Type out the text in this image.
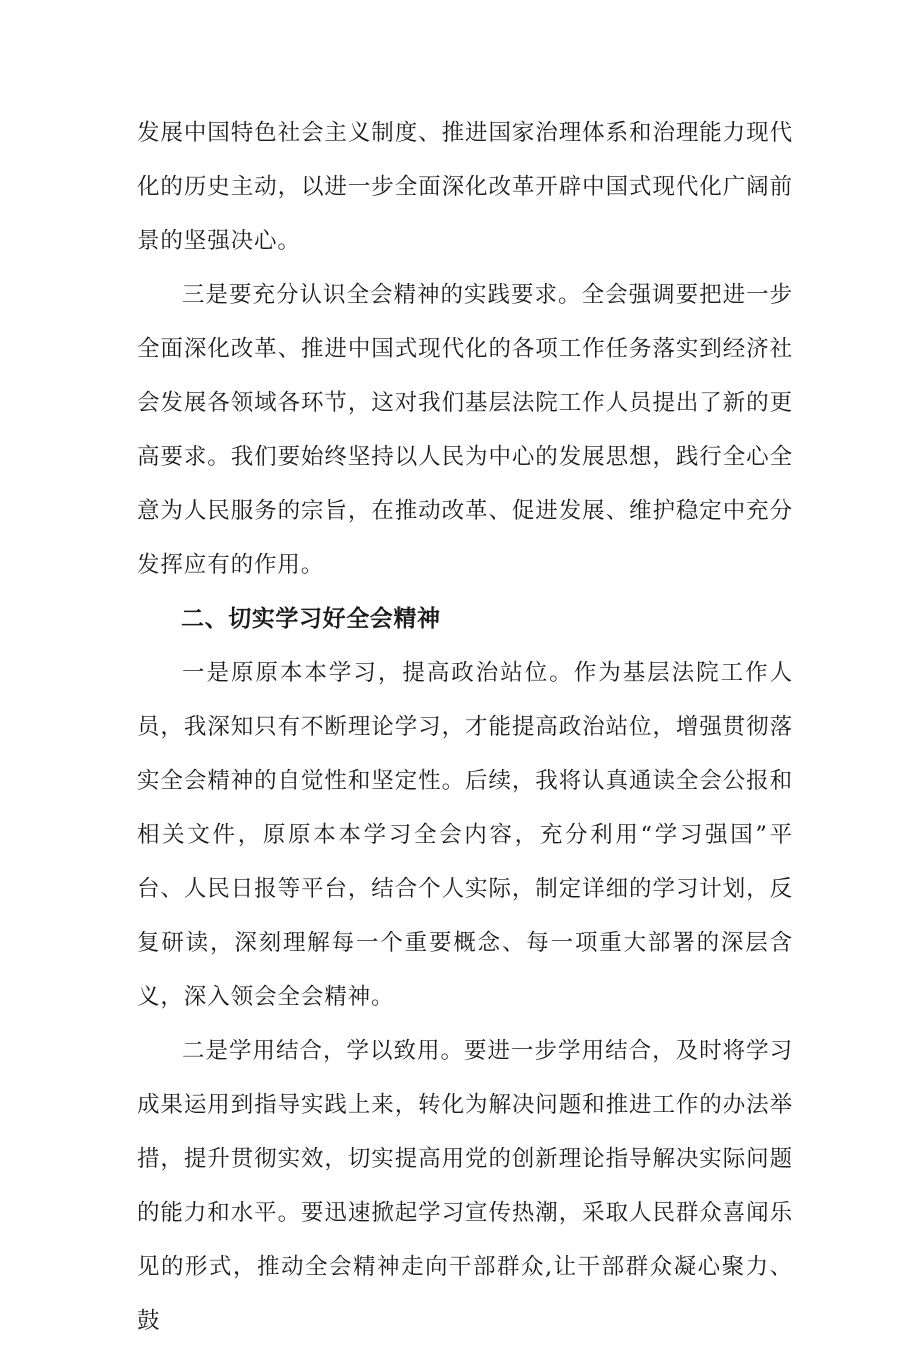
发展中国特色社会主义制度、推进国家治理体系和治理能力现代化的历史主动，以进一步全面深化改革开辟中国式现代化广阔前景的坚强决心。

三是要充分认识全会精神的实践要求。全会强调要把进一步全面深化改革、推进中国式现代化的各项工作任务落实到经济社会发展各领域各环节，这对我们基层法院工作人员提出了新的更高要求。我们要始终坚持以人民为中心的发展思想，践行全心全意为人民服务的宗旨，在推动改革、促进发展、维护稳定中充分发挥应有的作用。

二、切实学习好全会精神

一是原原本本学习，提高政治站位。作为基层法院工作人员，我深知只有不断理论学习，才能提高政治站位，增强贯彻落实全会精神的自觉性和坚定性。后续，我将认真通读全会公报和相关文件，原原本本学习全会内容，充分利用“学习强国”平台、人民日报等平台，结合个人实际，制定详细的学习计划，反复研读，深刻理解每一个重要概念、每一项重大部署的深层含义，深入领会全会精神。

二是学用结合，学以致用。要进一步学用结合，及时将学习成果运用到指导实践上来，转化为解决问题和推进工作的办法举措，提升贯彻实效，切实提高用党的创新理论指导解决实际问题的能力和水平。要迅速掀起学习宣传热潮，采取人民群众喜闻乐见的形式，推动全会精神走向干部群众,让干部群众凝心聚力、鼓
